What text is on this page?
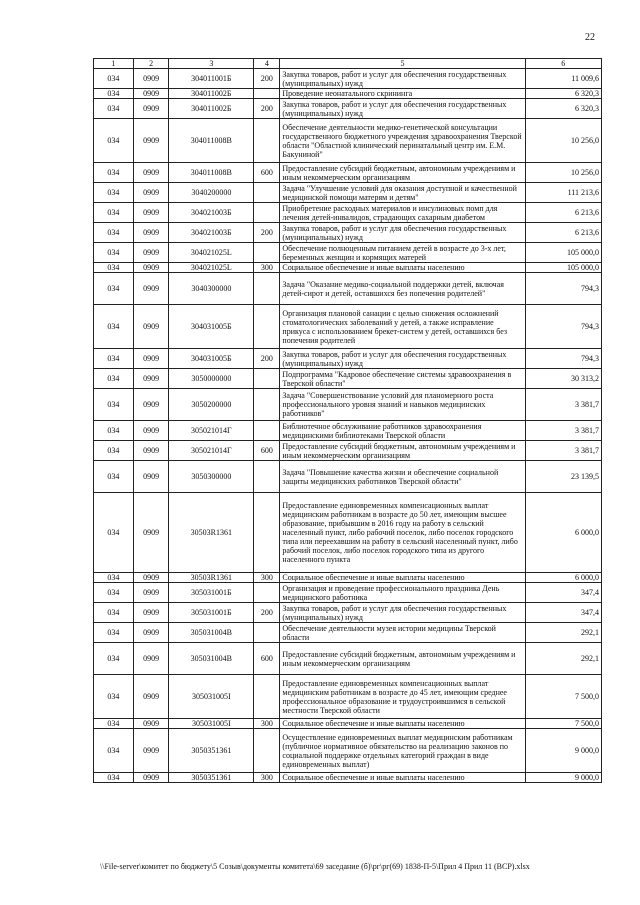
22
1	2	3	4	5	6
034	0909	304011001Б	200	Закупка товаров, работ и услуг для обеспечения государственных (муниципальных) нужд	11 009,6
034	0909	304011002Б		Проведение неонатального скрининга	6 320,3
034	0909	304011002Б	200	Закупка товаров, работ и услуг для обеспечения государственных (муниципальных) нужд	6 320,3
034	0909	304011008В		Обеспечение деятельности медико-генетической консультации государственного бюджетного учреждения здравоохранения Тверской области "Областной клинический перинатальный центр им. Е.М. Бакуниной"	10 256,0
034	0909	304011008В	600	Предоставление субсидий бюджетным, автономным учреждениям и иным некоммерческим организациям	10 256,0
034	0909	3040200000		Задача "Улучшение условий для оказания доступной и качественной медицинской помощи матерям и детям"	111 213,6
034	0909	304021003Б		Приобретение расходных материалов и инсулиновых помп для лечения детей-инвалидов, страдающих сахарным диабетом	6 213,6
034	0909	304021003Б	200	Закупка товаров, работ и услуг для обеспечения государственных (муниципальных) нужд	6 213,6
034	0909	304021025L		Обеспечение полноценным питанием детей в возрасте до 3-х лет, беременных женщин и кормящих матерей	105 000,0
034	0909	304021025L	300	Социальное обеспечение и иные выплаты населению	105 000,0
034	0909	3040300000		Задача "Оказание медико-социальной поддержки детей, включая детей-сирот и детей, оставшихся без попечения родителей"	794,3
034	0909	304031005Б		Организация плановой санации с целью снижения осложнений стоматологических заболеваний у детей, а также исправление прикуса с использованием брекет-систем у детей, оставшихся без попечения родителей	794,3
034	0909	304031005Б	200	Закупка товаров, работ и услуг для обеспечения государственных (муниципальных) нужд	794,3
034	0909	3050000000		Подпрограмма "Кадровое обеспечение системы здравоохранения в Тверской области"	30 313,2
034	0909	3050200000		Задача "Совершенствование условий для планомерного роста профессионального уровня знаний и навыков медицинских работников"	3 381,7
034	0909	305021014Г		Библиотечное обслуживание работников здравоохранения медицинскими библиотеками Тверской области	3 381,7
034	0909	305021014Г	600	Предоставление субсидий бюджетным, автономным учреждениям и иным некоммерческим организациям	3 381,7
034	0909	3050300000		Задача "Повышение качества жизни и обеспечение социальной защиты медицинских работников Тверской области"	23 139,5
034	0909	30503R1361		Предоставление единовременных компенсационных выплат медицинским работникам в возрасте до 50 лет, имеющим высшее образование, прибывшим в 2016 году на работу в сельский населенный пункт, либо рабочий поселок, либо поселок городского типа или переехавшим на работу в сельский населенный пункт, либо рабочий поселок, либо поселок городского типа из другого населенного пункта	6 000,0
034	0909	30503R1361	300	Социальное обеспечение и иные выплаты населению	6 000,0
034	0909	305031001Б		Организация и проведение профессионального праздника День медицинского работника	347,4
034	0909	305031001Б	200	Закупка товаров, работ и услуг для обеспечения государственных (муниципальных) нужд	347,4
034	0909	305031004В		Обеспечение деятельности музея истории медицины Тверской области	292,1
034	0909	305031004В	600	Предоставление субсидий бюджетным, автономным учреждениям и иным некоммерческим организациям	292,1
034	0909	305031005I		Предоставление единовременных компенсационных выплат медицинским работникам в возрасте до 45 лет, имеющим среднее профессиональное образование и трудоустроившимся в сельской местности Тверской области	7 500,0
034	0909	305031005I	300	Социальное обеспечение и иные выплаты населению	7 500,0
034	0909	3050351361		Осуществление единовременных выплат медицинским работникам (публичное нормативное обязательство на реализацию законов по социальной поддержке отдельных категорий граждан в виде единовременных выплат)	9 000,0
034	0909	3050351361	300	Социальное обеспечение и иные выплаты населению	9 000,0
\\File-server\комитет по бюджету\5 Созыв\документы комитета\69 заседание (б)\рг\рг(69) 1838-П-5\Прил 4 Прил 11 (ВСР).xlsx
